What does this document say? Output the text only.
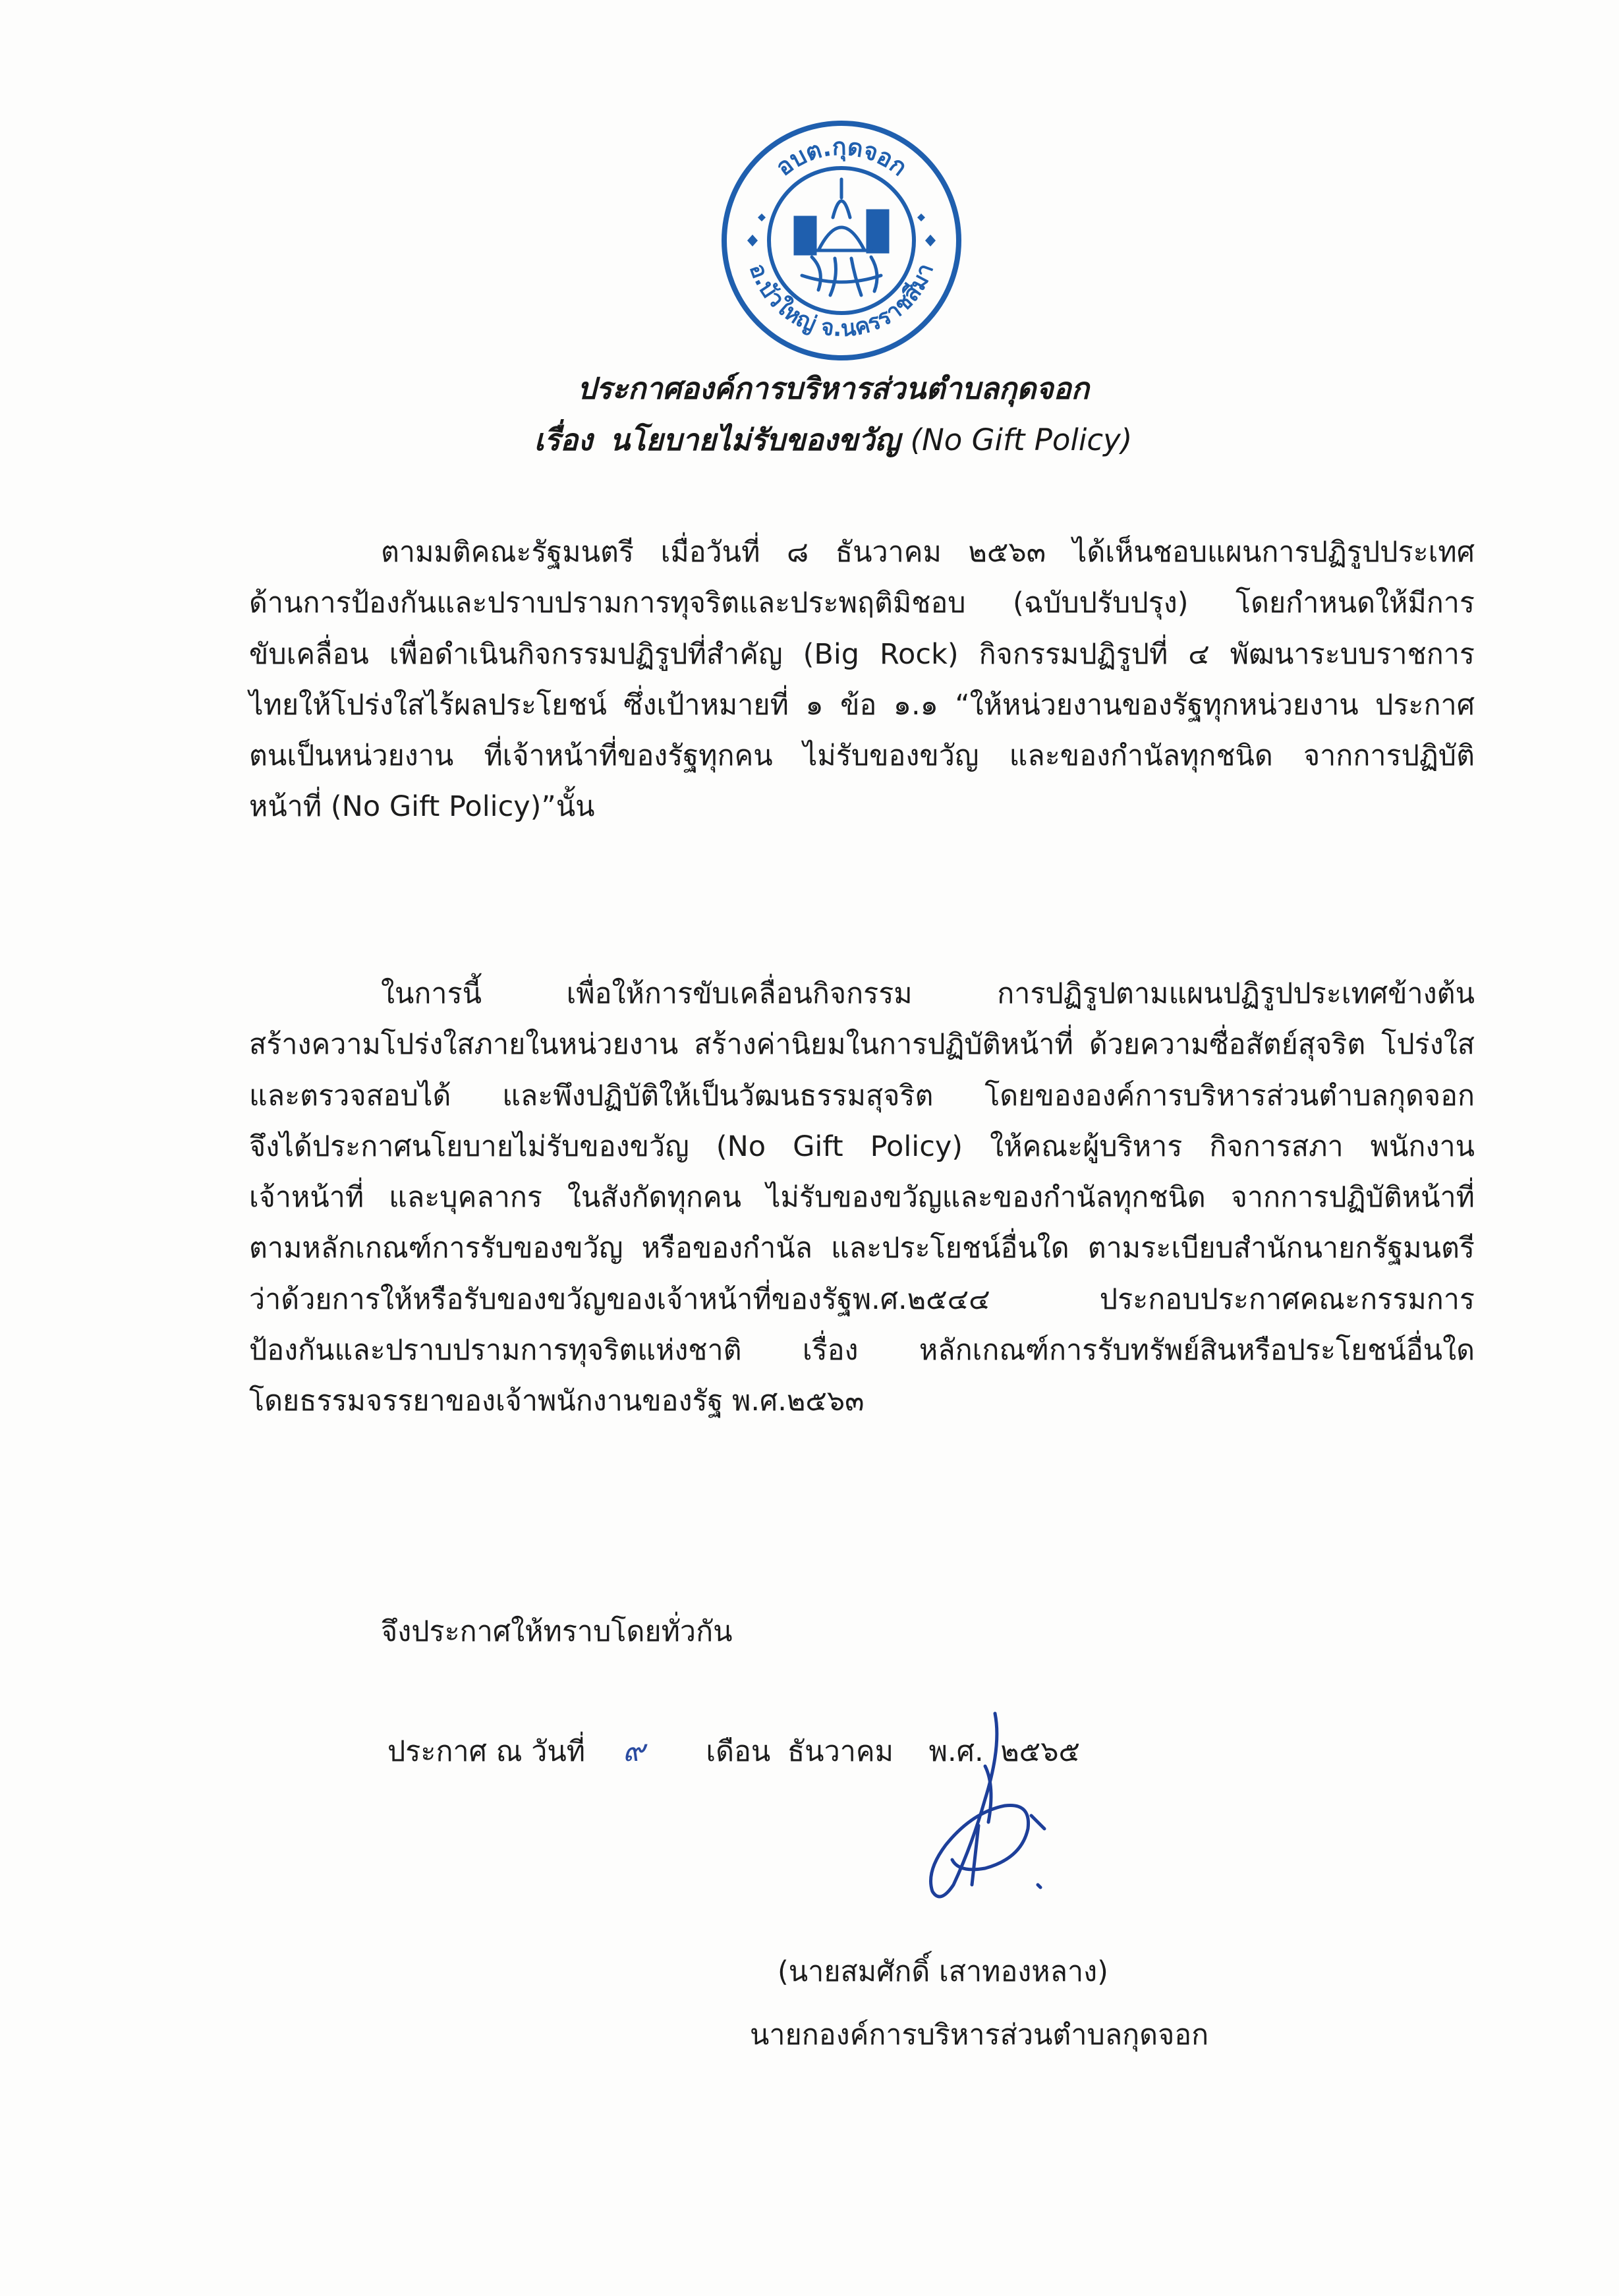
อบต.กุดจอก
อ.บัวใหญ่ จ.นครราชสีมา
ประกาศองค์การบริหารส่วนตำบลกุดจอก
เรื่อง นโยบายไม่รับของขวัญ (No Gift Policy)
ตามมติคณะรัฐมนตรี เมื่อวันที่ ๘ ธันวาคม ๒๕๖๓ ได้เห็นชอบแผนการปฏิรูปประเทศ
ด้านการป้องกันและปราบปรามการทุจริตและประพฤติมิชอบ (ฉบับปรับปรุง) โดยกำหนดให้มีการ
ขับเคลื่อน เพื่อดำเนินกิจกรรมปฏิรูปที่สำคัญ (Big Rock) กิจกรรมปฏิรูปที่ ๔ พัฒนาระบบราชการ
ไทยให้โปร่งใสไร้ผลประโยชน์ ซึ่งเป้าหมายที่ ๑ ข้อ ๑.๑ “ให้หน่วยงานของรัฐทุกหน่วยงาน ประกาศ
ตนเป็นหน่วยงาน ที่เจ้าหน้าที่ของรัฐทุกคน ไม่รับของขวัญ และของกำนัลทุกชนิด จากการปฏิบัติ
หน้าที่ (No Gift Policy)”นั้น
ในการนี้ เพื่อให้การขับเคลื่อนกิจกรรม การปฏิรูปตามแผนปฏิรูปประเทศข้างต้น
สร้างความโปร่งใสภายในหน่วยงาน สร้างค่านิยมในการปฏิบัติหน้าที่ ด้วยความซื่อสัตย์สุจริต โปร่งใส
และตรวจสอบได้ และพึงปฏิบัติให้เป็นวัฒนธรรมสุจริต โดยขององค์การบริหารส่วนตำบลกุดจอก
จึงได้ประกาศนโยบายไม่รับของขวัญ (No Gift Policy) ให้คณะผู้บริหาร กิจการสภา พนักงาน
เจ้าหน้าที่ และบุคลากร ในสังกัดทุกคน ไม่รับของขวัญและของกำนัลทุกชนิด จากการปฏิบัติหน้าที่
ตามหลักเกณฑ์การรับของขวัญ หรือของกำนัล และประโยชน์อื่นใด ตามระเบียบสำนักนายกรัฐมนตรี
ว่าด้วยการให้หรือรับของขวัญของเจ้าหน้าที่ของรัฐพ.ศ.๒๕๔๔ ประกอบประกาศคณะกรรมการ
ป้องกันและปราบปรามการทุจริตแห่งชาติ เรื่อง หลักเกณฑ์การรับทรัพย์สินหรือประโยชน์อื่นใด
โดยธรรมจรรยาของเจ้าพนักงานของรัฐ พ.ศ.๒๕๖๓
จึงประกาศให้ทราบโดยทั่วกัน
ประกาศ ณ วันที่ ๙ เดือน ธันวาคม พ.ศ. ๒๕๖๕
(นายสมศักดิ์ เสาทองหลาง)
นายกองค์การบริหารส่วนตำบลกุดจอก
